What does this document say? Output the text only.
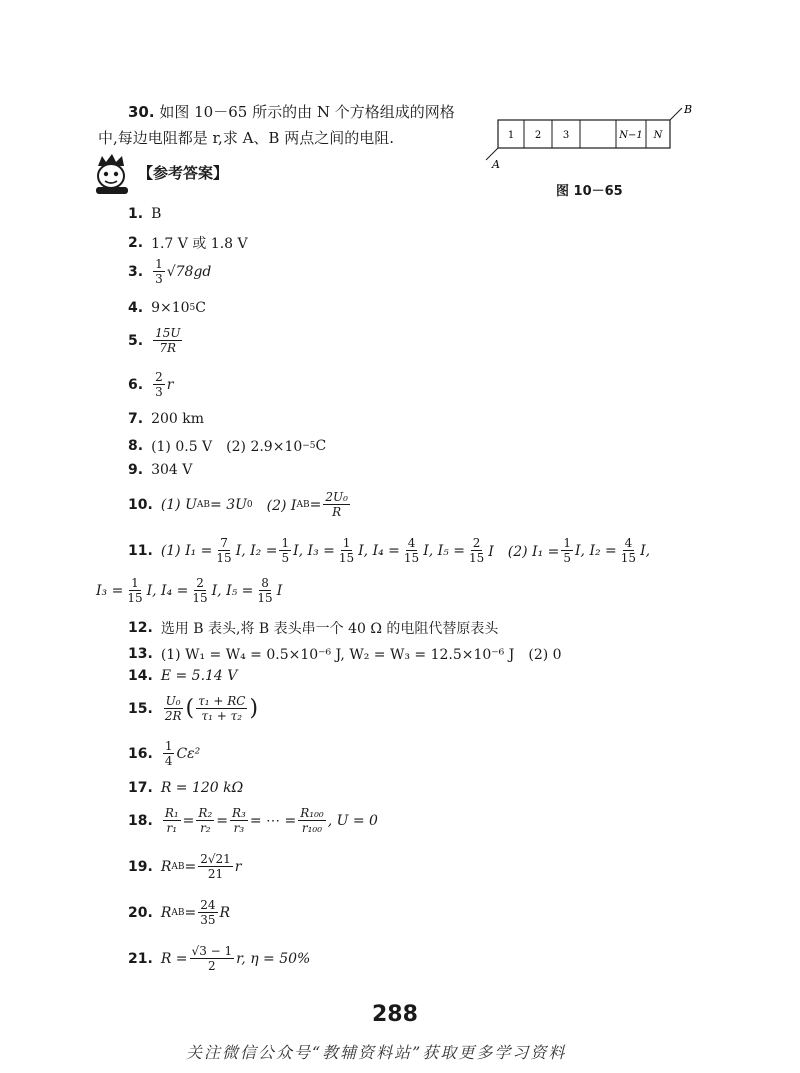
30. 如图 10－65 所示的由 N 个方格组成的网格
中,每边电阻都是 r,求 A、B 两点之间的电阻.	1 2 3	N−1 N
A
B
图 10－65
【参考答案】
1. B
2. 1.7 V 或 1.8 V
3. $\frac{1}{3} √78gd$
4. 9×10 5 C
5. $\frac{15U}{7R}$
6. $\frac{2}{3}$ r
7. 200 km
8. (1) 0.5 V　(2) 2.9×10 −5 C
9. 304 V
10. (1) U AB = 3U 0 　(2) I AB = $\frac{\text{2U₀}}{R}$
11. (1) $I_1 = \frac{7}{15} I$, $I_2 = \frac{1}{5} I$, $I_3 = \frac{1}{15} I$, $I_4 = \frac{4}{15} I$, $I_5 = \frac{2}{15}$ I　(2) $I_1 = \frac{1}{5} I$, $I_2 = \frac{4}{15} I$,
$I_3 = \frac{1}{15} I$, $I_4 = \frac{2}{15} I$, $I_5 = \frac{8}{15}$ I
12. 选用 B 表头,将 B 表头串一个 40 Ω 的电阻代替原表头
13. (1) W₁ = W₄ = 0.5×10⁻⁶ J, W₂ = W₃ = 12.5×10⁻⁶ J　(2) 0
14. E = 5.14 V
15. $\frac{\text{U₀}}{2R}$ ( $\frac{\text{τ₁ + RC}}{\text{τ₁ + τ₂}}$ )
16. $\frac{1}{4} C\varepsilon^2$
17. R = 120 kΩ
18. $\frac{\text{R₁}}{\text{r₁}} = \frac{\text{R₂}}{\text{r₂}} = \frac{\text{R₃}}{\text{r₃}}$ = ⋯ = $\frac{\text{R₁₀₀}}{\text{r₁₀₀}}$ , U = 0
19. R AB = $\frac{2√21}{21}$ r
20. R AB = $\frac{24}{35}$ R
21. $R = \frac{√3 - 1}{2} r$, η = 50%
288
关注微信公众号“教辅资料站”获取更多学习资料
